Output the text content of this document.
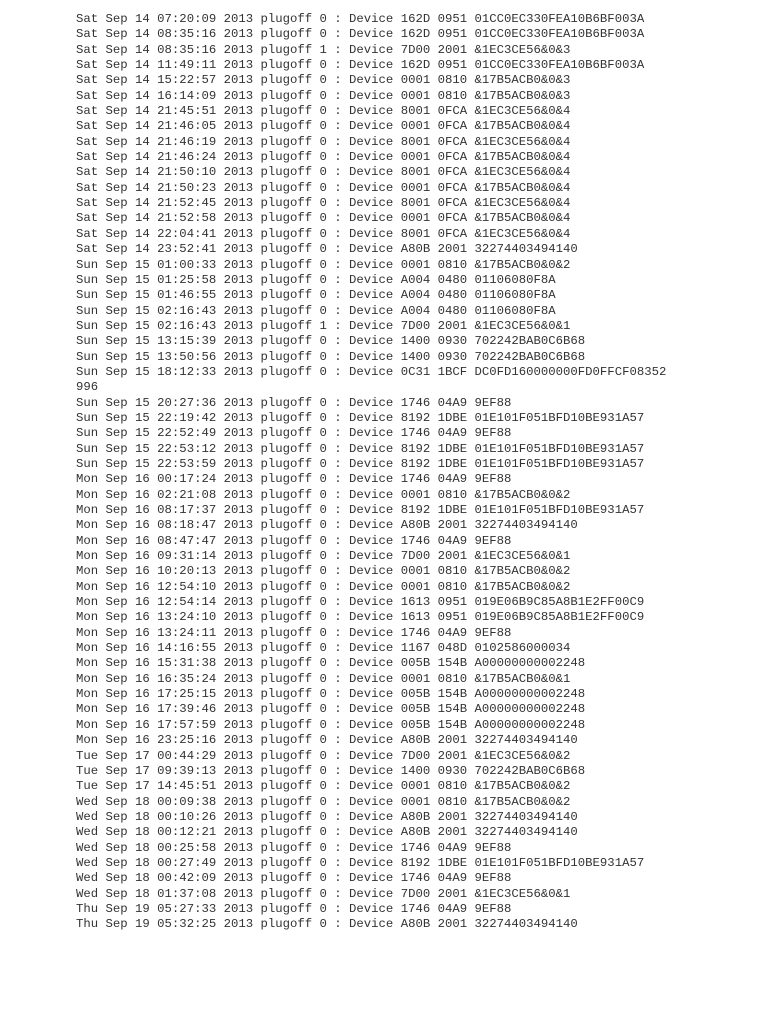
Sat Sep 14 07:20:09 2013 plugoff 0 : Device 162D 0951 01CC0EC330FEA10B6BF003A
Sat Sep 14 08:35:16 2013 plugoff 0 : Device 162D 0951 01CC0EC330FEA10B6BF003A
Sat Sep 14 08:35:16 2013 plugoff 1 : Device 7D00 2001 &1EC3CE56&0&3
Sat Sep 14 11:49:11 2013 plugoff 0 : Device 162D 0951 01CC0EC330FEA10B6BF003A
Sat Sep 14 15:22:57 2013 plugoff 0 : Device 0001 0810 &17B5ACB0&0&3
Sat Sep 14 16:14:09 2013 plugoff 0 : Device 0001 0810 &17B5ACB0&0&3
Sat Sep 14 21:45:51 2013 plugoff 0 : Device 8001 0FCA &1EC3CE56&0&4
Sat Sep 14 21:46:05 2013 plugoff 0 : Device 0001 0FCA &17B5ACB0&0&4
Sat Sep 14 21:46:19 2013 plugoff 0 : Device 8001 0FCA &1EC3CE56&0&4
Sat Sep 14 21:46:24 2013 plugoff 0 : Device 0001 0FCA &17B5ACB0&0&4
Sat Sep 14 21:50:10 2013 plugoff 0 : Device 8001 0FCA &1EC3CE56&0&4
Sat Sep 14 21:50:23 2013 plugoff 0 : Device 0001 0FCA &17B5ACB0&0&4
Sat Sep 14 21:52:45 2013 plugoff 0 : Device 8001 0FCA &1EC3CE56&0&4
Sat Sep 14 21:52:58 2013 plugoff 0 : Device 0001 0FCA &17B5ACB0&0&4
Sat Sep 14 22:04:41 2013 plugoff 0 : Device 8001 0FCA &1EC3CE56&0&4
Sat Sep 14 23:52:41 2013 plugoff 0 : Device A80B 2001 32274403494140
Sun Sep 15 01:00:33 2013 plugoff 0 : Device 0001 0810 &17B5ACB0&0&2
Sun Sep 15 01:25:58 2013 plugoff 0 : Device A004 0480 01106080F8A
Sun Sep 15 01:46:55 2013 plugoff 0 : Device A004 0480 01106080F8A
Sun Sep 15 02:16:43 2013 plugoff 0 : Device A004 0480 01106080F8A
Sun Sep 15 02:16:43 2013 plugoff 1 : Device 7D00 2001 &1EC3CE56&0&1
Sun Sep 15 13:15:39 2013 plugoff 0 : Device 1400 0930 702242BAB0C6B68
Sun Sep 15 13:50:56 2013 plugoff 0 : Device 1400 0930 702242BAB0C6B68
Sun Sep 15 18:12:33 2013 plugoff 0 : Device 0C31 1BCF DC0FD160000000FD0FFCF08352
996
Sun Sep 15 20:27:36 2013 plugoff 0 : Device 1746 04A9 9EF88
Sun Sep 15 22:19:42 2013 plugoff 0 : Device 8192 1DBE 01E101F051BFD10BE931A57
Sun Sep 15 22:52:49 2013 plugoff 0 : Device 1746 04A9 9EF88
Sun Sep 15 22:53:12 2013 plugoff 0 : Device 8192 1DBE 01E101F051BFD10BE931A57
Sun Sep 15 22:53:59 2013 plugoff 0 : Device 8192 1DBE 01E101F051BFD10BE931A57
Mon Sep 16 00:17:24 2013 plugoff 0 : Device 1746 04A9 9EF88
Mon Sep 16 02:21:08 2013 plugoff 0 : Device 0001 0810 &17B5ACB0&0&2
Mon Sep 16 08:17:37 2013 plugoff 0 : Device 8192 1DBE 01E101F051BFD10BE931A57
Mon Sep 16 08:18:47 2013 plugoff 0 : Device A80B 2001 32274403494140
Mon Sep 16 08:47:47 2013 plugoff 0 : Device 1746 04A9 9EF88
Mon Sep 16 09:31:14 2013 plugoff 0 : Device 7D00 2001 &1EC3CE56&0&1
Mon Sep 16 10:20:13 2013 plugoff 0 : Device 0001 0810 &17B5ACB0&0&2
Mon Sep 16 12:54:10 2013 plugoff 0 : Device 0001 0810 &17B5ACB0&0&2
Mon Sep 16 12:54:14 2013 plugoff 0 : Device 1613 0951 019E06B9C85A8B1E2FF00C9
Mon Sep 16 13:24:10 2013 plugoff 0 : Device 1613 0951 019E06B9C85A8B1E2FF00C9
Mon Sep 16 13:24:11 2013 plugoff 0 : Device 1746 04A9 9EF88
Mon Sep 16 14:16:55 2013 plugoff 0 : Device 1167 048D 0102586000034
Mon Sep 16 15:31:38 2013 plugoff 0 : Device 005B 154B A00000000002248
Mon Sep 16 16:35:24 2013 plugoff 0 : Device 0001 0810 &17B5ACB0&0&1
Mon Sep 16 17:25:15 2013 plugoff 0 : Device 005B 154B A00000000002248
Mon Sep 16 17:39:46 2013 plugoff 0 : Device 005B 154B A00000000002248
Mon Sep 16 17:57:59 2013 plugoff 0 : Device 005B 154B A00000000002248
Mon Sep 16 23:25:16 2013 plugoff 0 : Device A80B 2001 32274403494140
Tue Sep 17 00:44:29 2013 plugoff 0 : Device 7D00 2001 &1EC3CE56&0&2
Tue Sep 17 09:39:13 2013 plugoff 0 : Device 1400 0930 702242BAB0C6B68
Tue Sep 17 14:45:51 2013 plugoff 0 : Device 0001 0810 &17B5ACB0&0&2
Wed Sep 18 00:09:38 2013 plugoff 0 : Device 0001 0810 &17B5ACB0&0&2
Wed Sep 18 00:10:26 2013 plugoff 0 : Device A80B 2001 32274403494140
Wed Sep 18 00:12:21 2013 plugoff 0 : Device A80B 2001 32274403494140
Wed Sep 18 00:25:58 2013 plugoff 0 : Device 1746 04A9 9EF88
Wed Sep 18 00:27:49 2013 plugoff 0 : Device 8192 1DBE 01E101F051BFD10BE931A57
Wed Sep 18 00:42:09 2013 plugoff 0 : Device 1746 04A9 9EF88
Wed Sep 18 01:37:08 2013 plugoff 0 : Device 7D00 2001 &1EC3CE56&0&1
Thu Sep 19 05:27:33 2013 plugoff 0 : Device 1746 04A9 9EF88
Thu Sep 19 05:32:25 2013 plugoff 0 : Device A80B 2001 32274403494140
